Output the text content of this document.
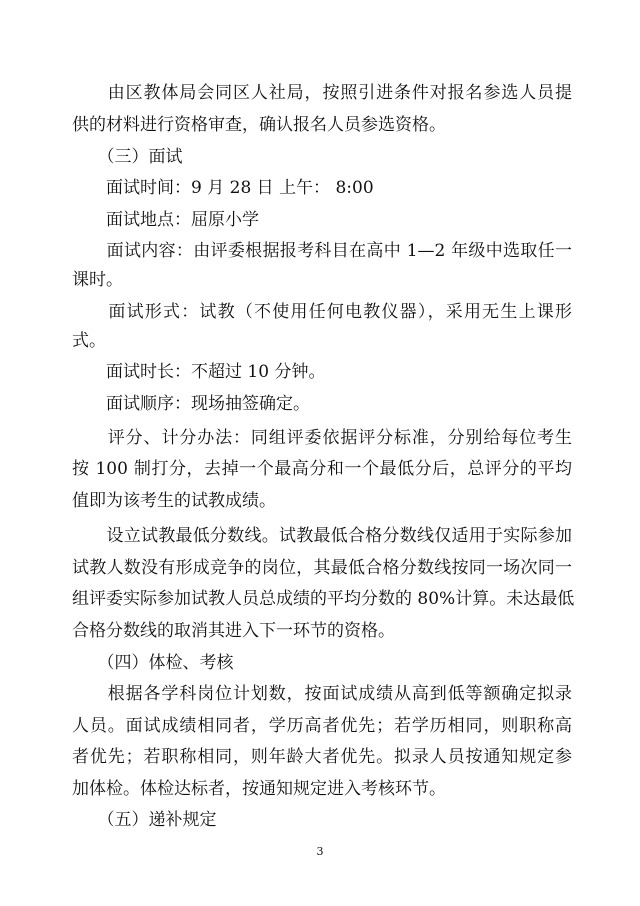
　　由区教体局会同区人社局，按照引进条件对报名参选人员提
供的材料进行资格审查，确认报名人员参选资格。
　　（三）面试
　　面试时间：9 月 28 日 上午： 8:00
　　面试地点：屈原小学
　　面试内容：由评委根据报考科目在高中 1—2 年级中选取任一
课时。
　　面试形式：试教（不使用任何电教仪器），采用无生上课形
式。
　　面试时长：不超过 10 分钟。
　　面试顺序：现场抽签确定。
　　评分、计分办法：同组评委依据评分标准，分别给每位考生
按 100 制打分，去掉一个最高分和一个最低分后，总评分的平均
值即为该考生的试教成绩。
　　设立试教最低分数线。试教最低合格分数线仅适用于实际参加
试教人数没有形成竞争的岗位，其最低合格分数线按同一场次同一
组评委实际参加试教人员总成绩的平均分数的 80%计算。未达最低
合格分数线的取消其进入下一环节的资格。
　　（四）体检、考核
　　根据各学科岗位计划数，按面试成绩从高到低等额确定拟录
人员。面试成绩相同者，学历高者优先；若学历相同，则职称高
者优先；若职称相同，则年龄大者优先。拟录人员按通知规定参
加体检。体检达标者，按通知规定进入考核环节。
　　（五）递补规定
3
